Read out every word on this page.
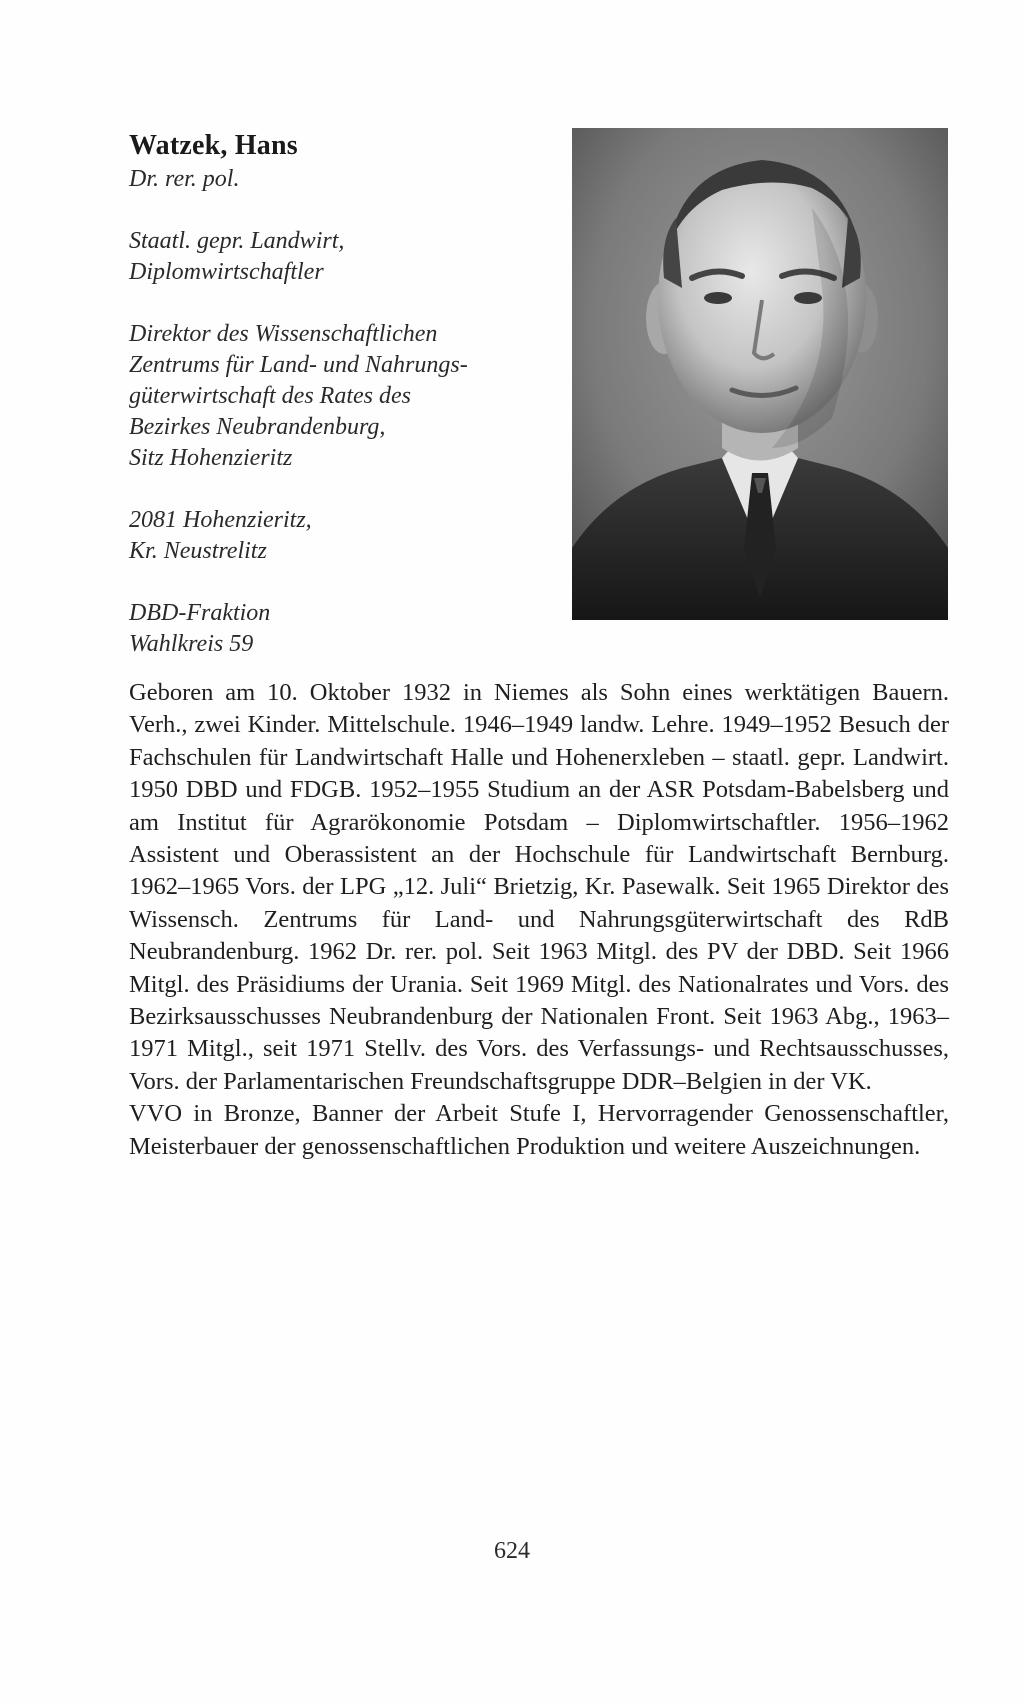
Watzek, Hans

Dr. rer. pol.

Staatl. gepr. Landwirt,

Diplomwirtschaftler

Direktor des Wissenschaftlichen

Zentrums für Land- und Nahrungs-

güterwirtschaft des Rates des

Bezirkes Neubrandenburg,

Sitz Hohenzieritz

2081 Hohenzieritz,

Kr. Neustrelitz

DBD-Fraktion

Wahlkreis 59

Geboren am 10. Oktober 1932 in Niemes als Sohn eines werktätigen Bauern. Verh., zwei Kinder. Mittelschule. 1946–1949 landw. Lehre. 1949–1952 Besuch der Fachschulen für Landwirtschaft Halle und Hohenerxleben – staatl. gepr. Landwirt. 1950 DBD und FDGB. 1952–1955 Studium an der ASR Potsdam-Babelsberg und am Institut für Agrarökonomie Potsdam – Diplomwirtschaftler. 1956–1962 Assistent und Oberassistent an der Hochschule für Landwirtschaft Bernburg. 1962–1965 Vors. der LPG „12. Juli“ Brietzig, Kr. Pasewalk. Seit 1965 Direktor des Wissensch. Zentrums für Land- und Nahrungsgüterwirtschaft des RdB Neubrandenburg. 1962 Dr. rer. pol. Seit 1963 Mitgl. des PV der DBD. Seit 1966 Mitgl. des Präsidiums der Urania. Seit 1969 Mitgl. des Nationalrates und Vors. des Bezirksausschusses Neubrandenburg der Nationalen Front. Seit 1963 Abg., 1963–1971 Mitgl., seit 1971 Stellv. des Vors. des Verfassungs- und Rechtsausschusses, Vors. der Parlamentarischen Freundschaftsgruppe DDR–Belgien in der VK.

VVO in Bronze, Banner der Arbeit Stufe I, Hervorragender Genossenschaftler, Meisterbauer der genossenschaftlichen Produktion und weitere Auszeichnungen.

624
